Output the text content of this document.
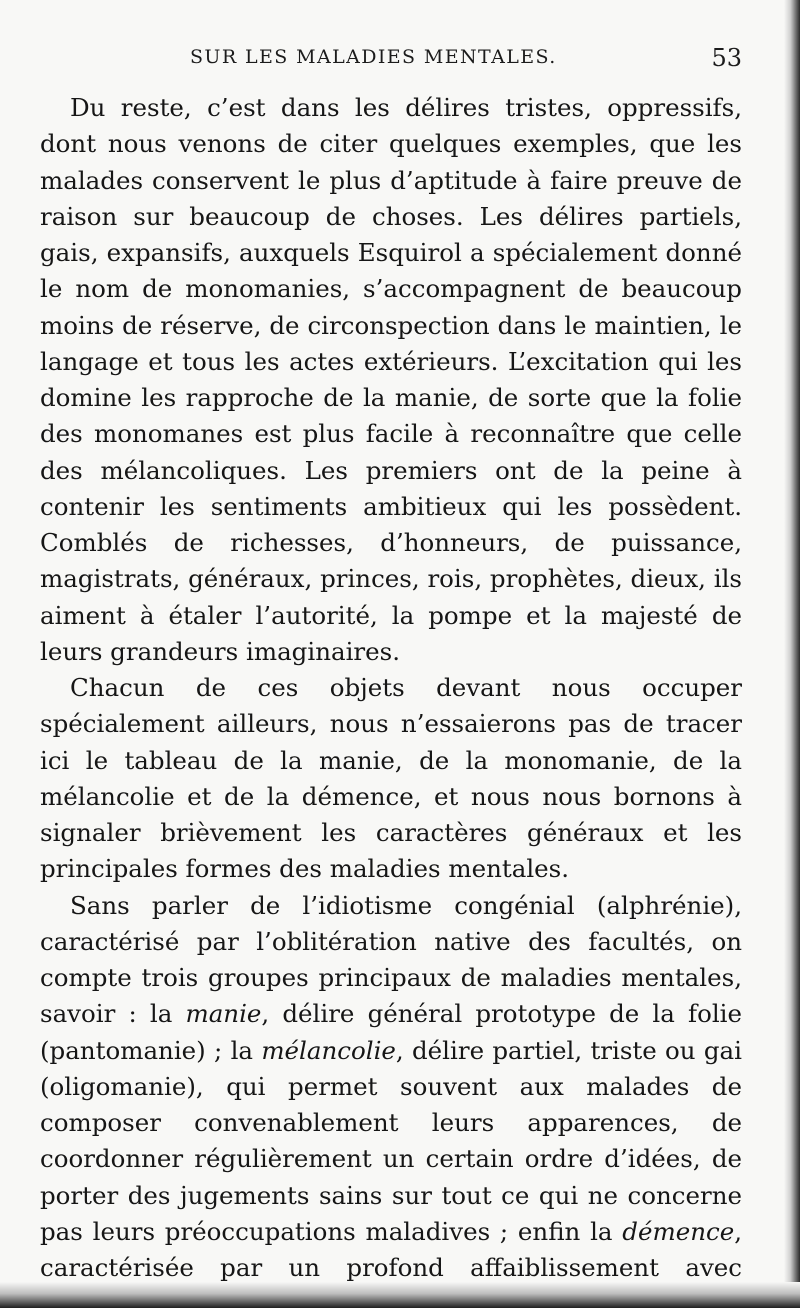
SUR LES MALADIES MENTALES.	53

Du reste, c’est dans les délires tristes, oppressifs, dont nous venons de citer quelques exemples, que les malades conservent le plus d’aptitude à faire preuve de raison sur beaucoup de choses. Les délires partiels, gais, expansifs, auxquels Esquirol a spécialement donné le nom de monomanies, s’accompagnent de beaucoup moins de réserve, de circonspection dans le maintien, le langage et tous les actes extérieurs. L’excitation qui les domine les rapproche de la manie, de sorte que la folie des monomanes est plus facile à reconnaître que celle des mélancoliques. Les premiers ont de la peine à contenir les sentiments ambitieux qui les possèdent. Comblés de richesses, d’honneurs, de puissance, magistrats, généraux, princes, rois, prophètes, dieux, ils aiment à étaler l’autorité, la pompe et la majesté de leurs grandeurs imaginaires.

Chacun de ces objets devant nous occuper spécialement ailleurs, nous n’essaierons pas de tracer ici le tableau de la manie, de la monomanie, de la mélancolie et de la démence, et nous nous bornons à signaler brièvement les caractères généraux et les principales formes des maladies mentales.

Sans parler de l’idiotisme congénial (alphrénie), caractérisé par l’oblitération native des facultés, on compte trois groupes principaux de maladies mentales, savoir : la manie, délire général prototype de la folie (pantomanie) ; la mélancolie, délire partiel, triste ou gai (oligomanie), qui permet souvent aux malades de composer convenablement leurs apparences, de coordonner régulièrement un certain ordre d’idées, de porter des jugements sains sur tout ce qui ne concerne pas leurs préoccupations maladives ; enfin la démence, caractérisée par un profond affaiblissement avec
